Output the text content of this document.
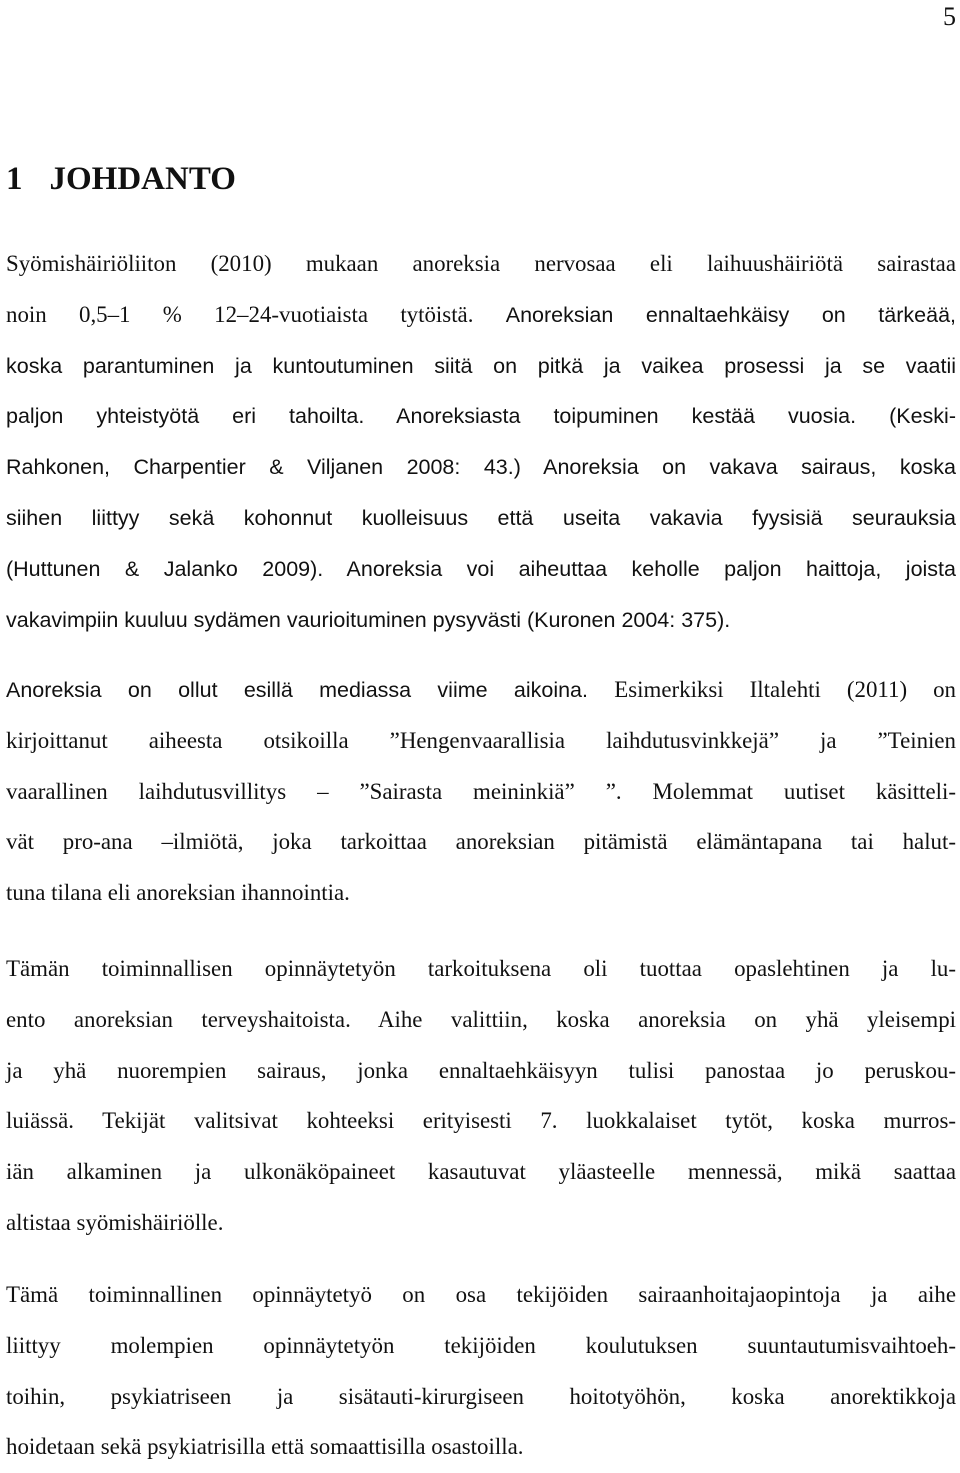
5
1 JOHDANTO
Syömishäiriöliiton (2010) mukaan anoreksia nervosaa eli laihuushäiriötä sairastaa
noin 0,5–1 % 12–24-vuotiaista tytöistä. Anoreksian ennaltaehkäisy on tärkeää,
koska parantuminen ja kuntoutuminen siitä on pitkä ja vaikea prosessi ja se vaatii
paljon yhteistyötä eri tahoilta. Anoreksiasta toipuminen kestää vuosia. (Keski-
Rahkonen, Charpentier & Viljanen 2008: 43.) Anoreksia on vakava sairaus, koska
siihen liittyy sekä kohonnut kuolleisuus että useita vakavia fyysisiä seurauksia
(Huttunen & Jalanko 2009). Anoreksia voi aiheuttaa keholle paljon haittoja, joista
vakavimpiin kuuluu sydämen vaurioituminen pysyvästi (Kuronen 2004: 375).
Anoreksia on ollut esillä mediassa viime aikoina. Esimerkiksi Iltalehti (2011) on
kirjoittanut aiheesta otsikoilla ”Hengenvaarallisia laihdutusvinkkejä” ja ”Teinien
vaarallinen laihdutusvillitys – ”Sairasta meininkiä” ”. Molemmat uutiset käsitteli-
vät pro-ana –ilmiötä, joka tarkoittaa anoreksian pitämistä elämäntapana tai halut-
tuna tilana eli anoreksian ihannointia.
Tämän toiminnallisen opinnäytetyön tarkoituksena oli tuottaa opaslehtinen ja lu-
ento anoreksian terveyshaitoista. Aihe valittiin, koska anoreksia on yhä yleisempi
ja yhä nuorempien sairaus, jonka ennaltaehkäisyyn tulisi panostaa jo peruskou-
luiässä. Tekijät valitsivat kohteeksi erityisesti 7. luokkalaiset tytöt, koska murros-
iän alkaminen ja ulkonäköpaineet kasautuvat yläasteelle mennessä, mikä saattaa
altistaa syömishäiriölle.
Tämä toiminnallinen opinnäytetyö on osa tekijöiden sairaanhoitajaopintoja ja aihe
liittyy molempien opinnäytetyön tekijöiden koulutuksen suuntautumisvaihtoeh-
toihin, psykiatriseen ja sisätauti-kirurgiseen hoitotyöhön, koska anorektikkoja
hoidetaan sekä psykiatrisilla että somaattisilla osastoilla.
